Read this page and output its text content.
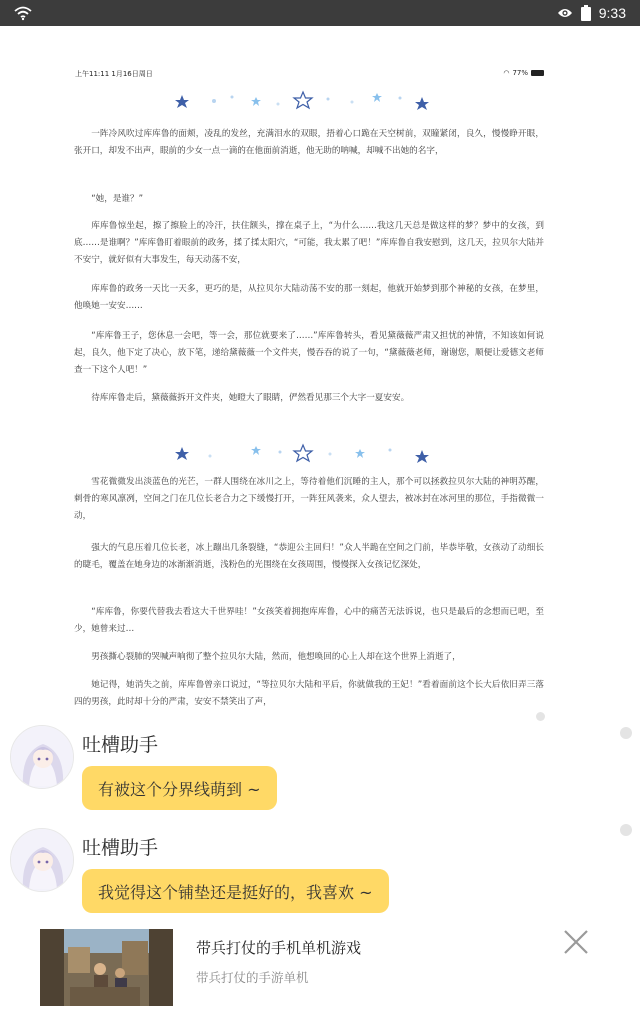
9:33
上午11:11 1月16日周日	◠ 77%
一阵冷风吹过库库鲁的面颊，凌乱的发丝，充满泪水的双眼，捂着心口跪在天空树前，双瞳紧闭，良久，慢慢睁开眼，张开口，却发不出声，眼前的少女一点一滴的在他面前消逝，他无助的呐喊，却喊不出她的名字，
“她，是谁？”
库库鲁惊坐起，擦了擦脸上的冷汗，扶住额头，撑在桌子上，“为什么……我这几天总是做这样的梦？梦中的女孩，到底……是谁啊？”库库鲁盯着眼前的政务，揉了揉太阳穴，“可能，我太累了吧！”库库鲁自我安慰到，这几天，拉贝尔大陆并不安宁，就好似有大事发生，每天动荡不安，
库库鲁的政务一天比一天多，更巧的是，从拉贝尔大陆动荡不安的那一刻起，他就开始梦到那个神秘的女孩，在梦里，他唤她一安安……
“库库鲁王子，您休息一会吧，等一会，那位就要来了……”库库鲁转头，看见黛薇薇严肃又担忧的神情，不知该如何说起，良久，他下定了决心，放下笔，递给黛薇薇一个文件夹，慢吞吞的说了一句，“黛薇薇老师，谢谢您，顺便让爱德文老师查一下这个人吧！”
待库库鲁走后，黛薇薇拆开文件夹，她瞪大了眼睛，俨然看见那三个大字一夏安安。
雪花微微发出淡蓝色的光芒，一群人围绕在冰川之上，等待着他们沉睡的主人，那个可以拯救拉贝尔大陆的神明苏醒，刺骨的寒风凛冽，空间之门在几位长老合力之下缓慢打开，一阵狂风袭来，众人望去，被冰封在冰河里的那位，手指微微一动，
强大的气息压着几位长老，冰上蹦出几条裂缝，“恭迎公主回归！”众人半跪在空间之门前，毕恭毕敬，女孩动了动细长的睫毛，覆盖在她身边的冰渐渐消逝，浅粉色的光围绕在女孩周围，慢慢探入女孩记忆深处，
“库库鲁，你要代替我去看这大千世界哇！”女孩笑着拥抱库库鲁，心中的痛苦无法诉说，也只是最后的念想而已吧，至少，她曾来过…
男孩撕心裂肺的哭喊声响彻了整个拉贝尔大陆，然而，他想唤回的心上人却在这个世界上消逝了，
她记得，她消失之前，库库鲁曾亲口说过，“等拉贝尔大陆和平后，你就做我的王妃！”看着面前这个长大后依旧弄三落四的男孩，此时却十分的严肃，安安不禁笑出了声，
吐槽助手
有被这个分界线萌到 ~
吐槽助手
我觉得这个铺垫还是挺好的，我喜欢 ~
带兵打仗的手机单机游戏
带兵打仗的手游单机
